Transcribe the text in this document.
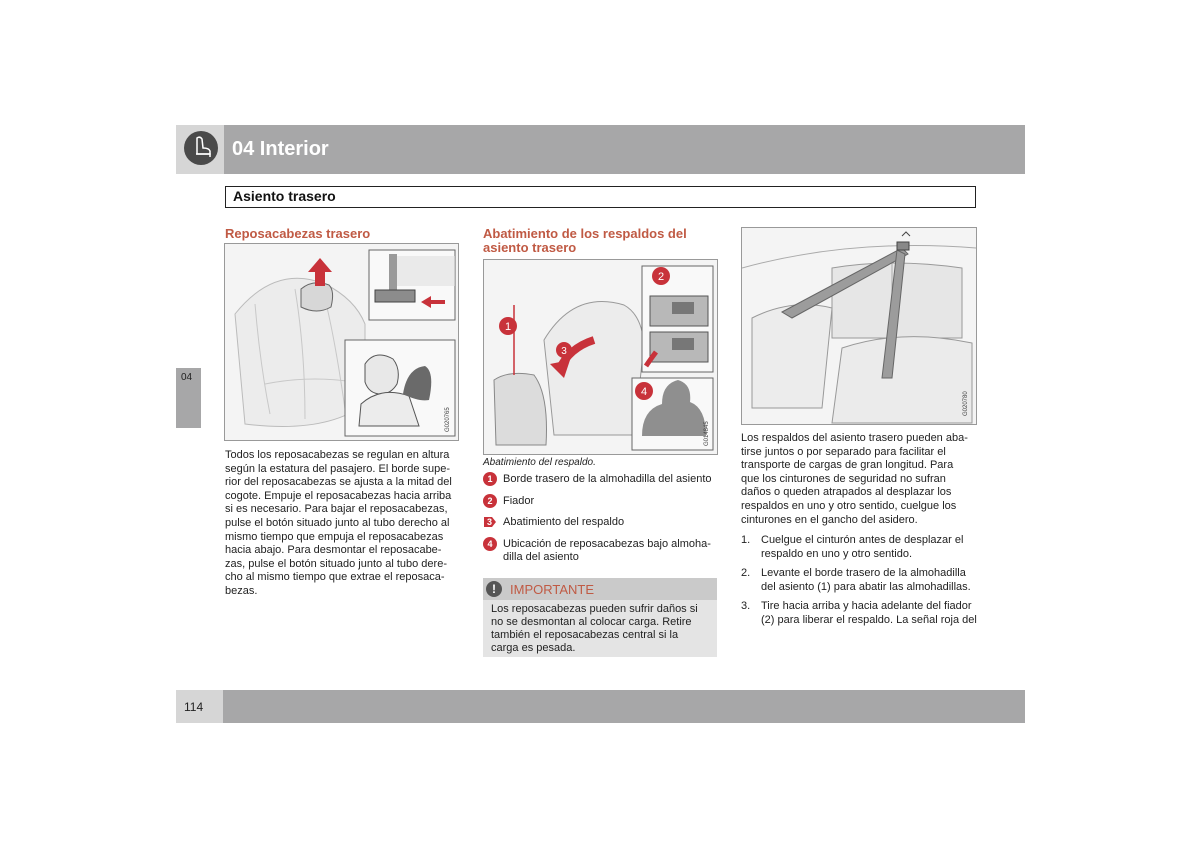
04 Interior
Asiento trasero
04
Reposacabezas trasero
G020765
Todos los reposacabezas se regulan en altura
según la estatura del pasajero. El borde supe-
rior del reposacabezas se ajusta a la mitad del
cogote. Empuje el reposacabezas hacia arriba
si es necesario. Para bajar el reposacabezas,
pulse el botón situado junto al tubo derecho al
mismo tiempo que empuja el reposacabezas
hacia abajo. Para desmontar el reposacabe-
zas, pulse el botón situado junto al tubo dere-
cho al mismo tiempo que extrae el reposaca-
bezas.
Abatimiento de los respaldos del
asiento trasero
2
1
3
4
G014845
Abatimiento del respaldo.
1 Borde trasero de la almohadilla del asiento
2 Fiador
3 Abatimiento del respaldo
4 Ubicación de reposacabezas bajo almoha-
dilla del asiento
!	IMPORTANTE
Los reposacabezas pueden sufrir daños si
no se desmontan al colocar carga. Retire
también el reposacabezas central si la
carga es pesada.
G020780
Los respaldos del asiento trasero pueden aba-
tirse juntos o por separado para facilitar el
transporte de cargas de gran longitud. Para
que los cinturones de seguridad no sufran
daños o queden atrapados al desplazar los
respaldos en uno y otro sentido, cuelgue los
cinturones en el gancho del asidero.
1. Cuelgue el cinturón antes de desplazar el
respaldo en uno y otro sentido.
2. Levante el borde trasero de la almohadilla
del asiento (1) para abatir las almohadillas.
3. Tire hacia arriba y hacia adelante del fiador
(2) para liberar el respaldo. La señal roja del
114
